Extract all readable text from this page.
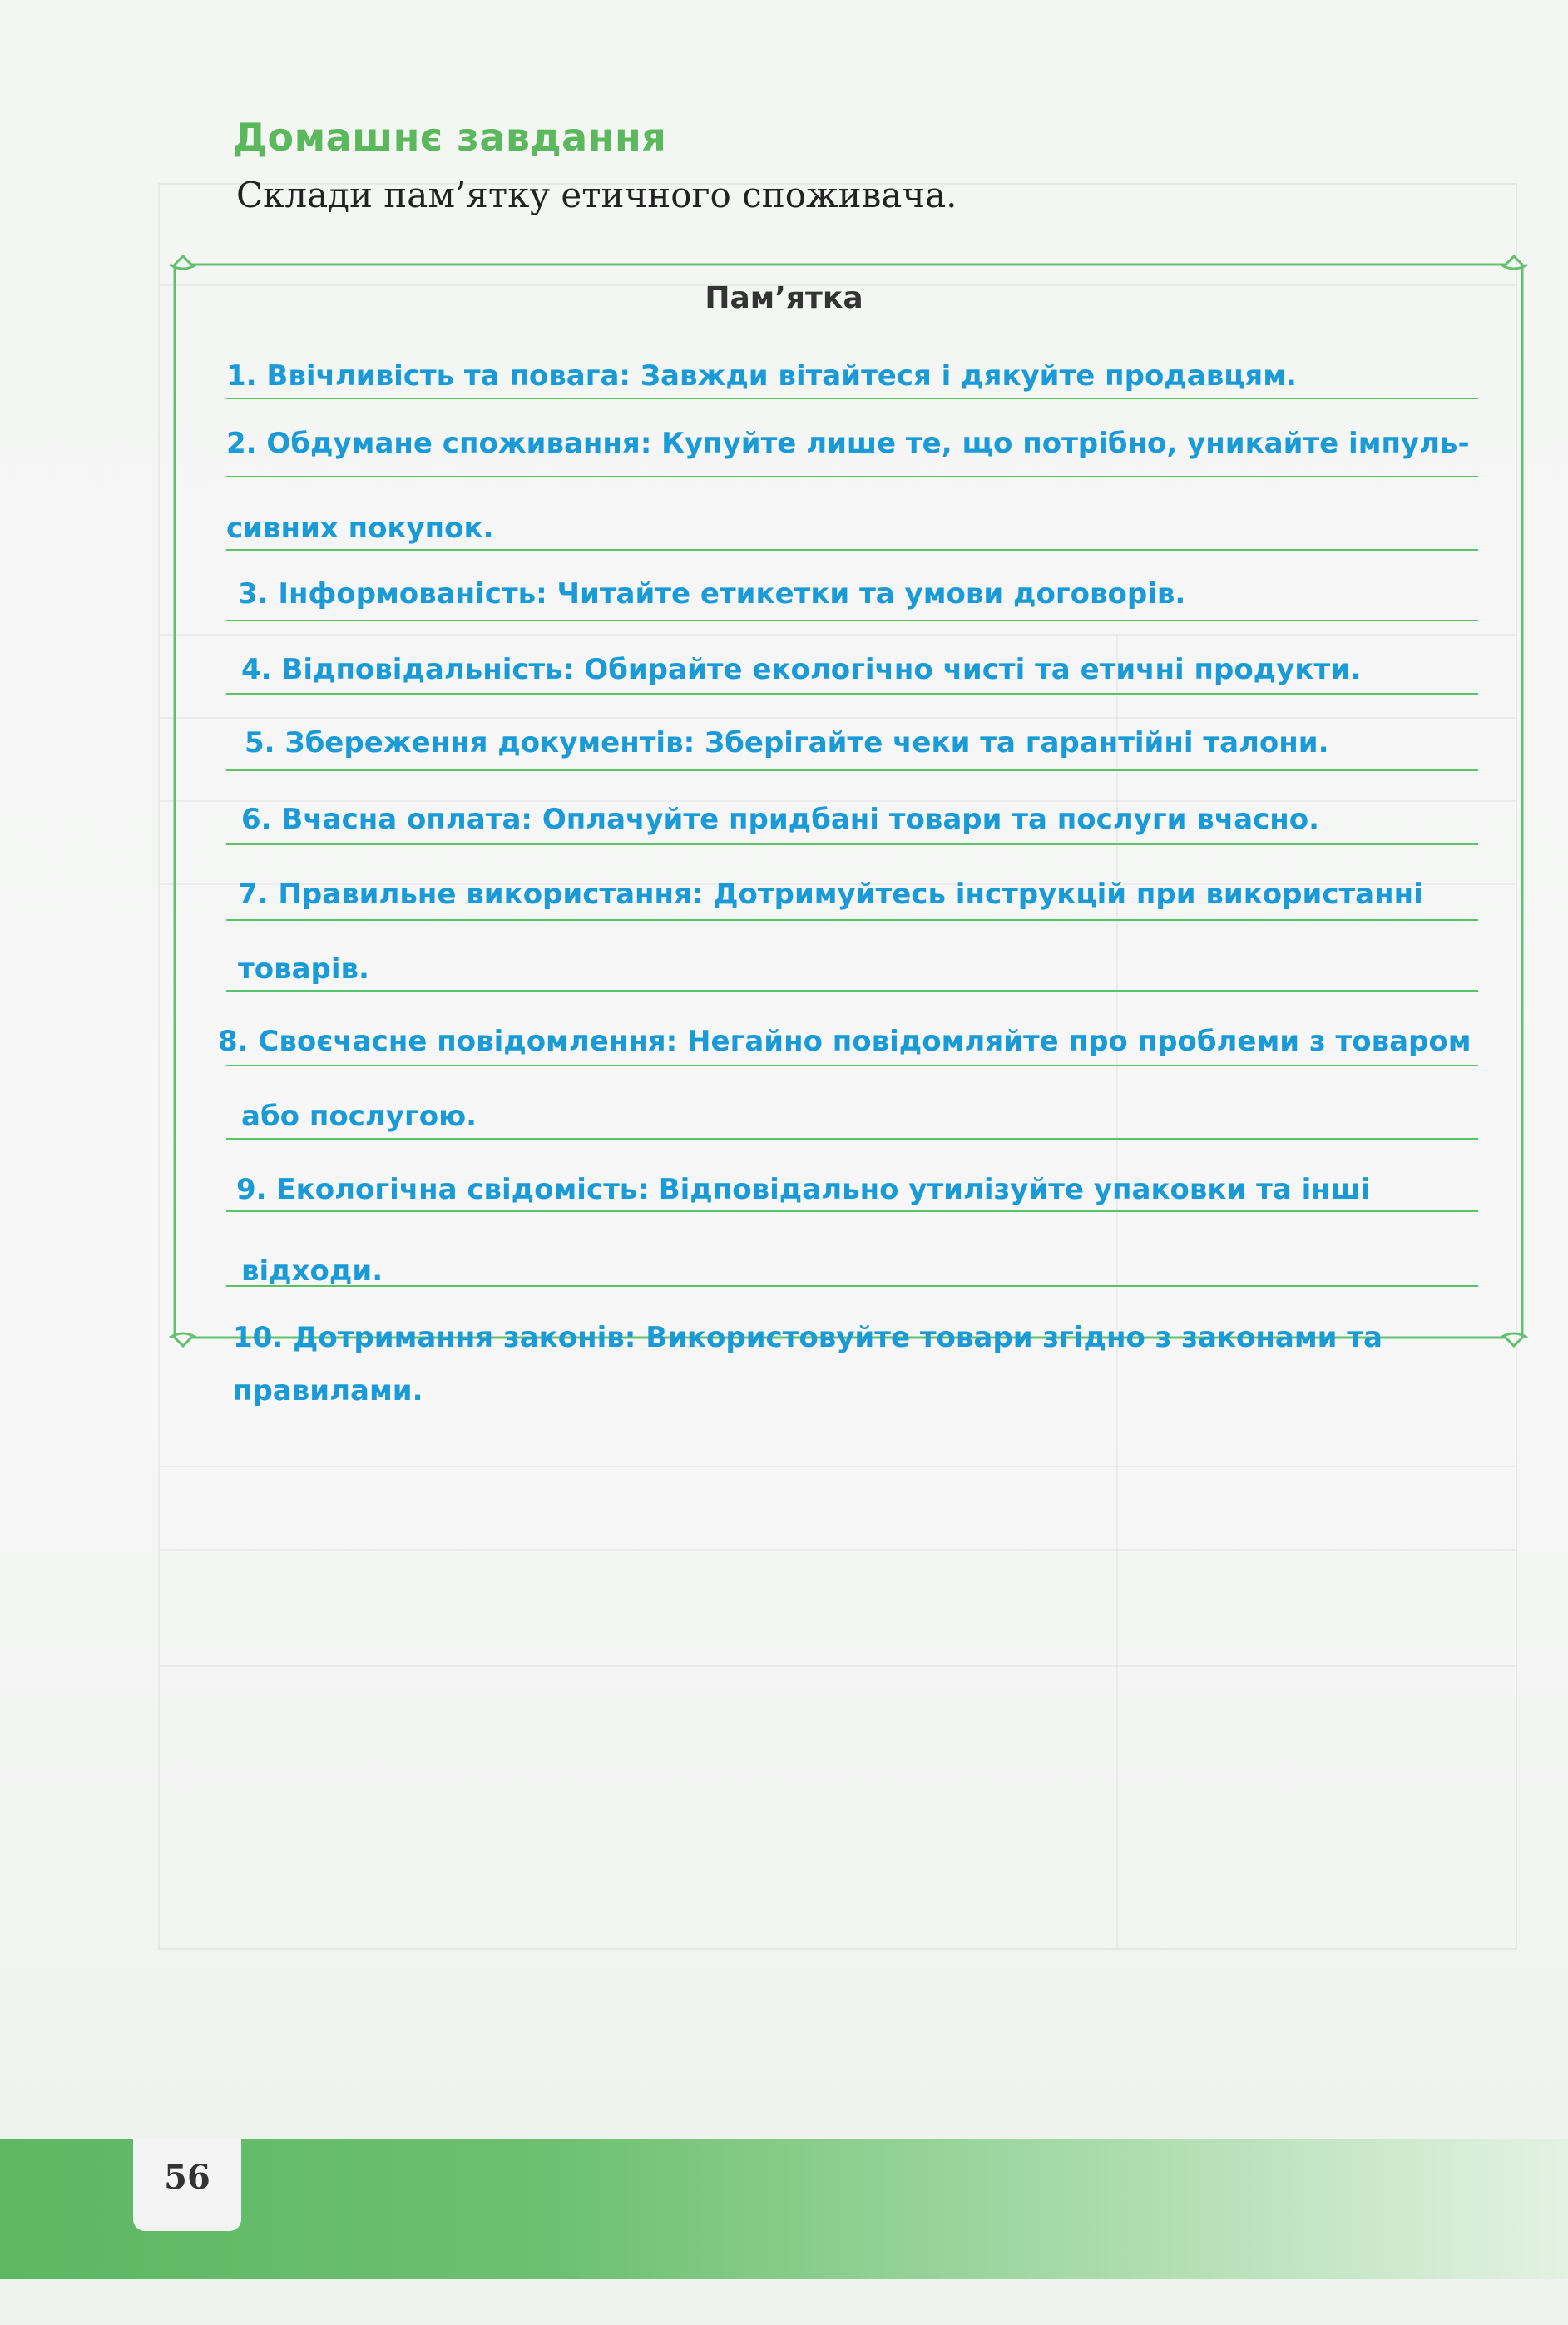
Домашнє завдання
Склади пам’ятку етичного споживача.
Пам’ятка
1. Ввічливість та повага: Завжди вітайтеся і дякуйте продавцям.
2. Обдумане споживання: Купуйте лише те, що потрібно, уникайте імпуль-
сивних покупок.
3. Інформованість: Читайте етикетки та умови договорів.
4. Відповідальність: Обирайте екологічно чисті та етичні продукти.
5. Збереження документів: Зберігайте чеки та гарантійні талони.
6. Вчасна оплата: Оплачуйте придбані товари та послуги вчасно.
7. Правильне використання: Дотримуйтесь інструкцій при використанні
товарів.
8. Своєчасне повідомлення: Негайно повідомляйте про проблеми з товаром
або послугою.
9. Екологічна свідомість: Відповідально утилізуйте упаковки та інші
відходи.
10. Дотримання законів: Використовуйте товари згідно з законами та
правилами.
56
